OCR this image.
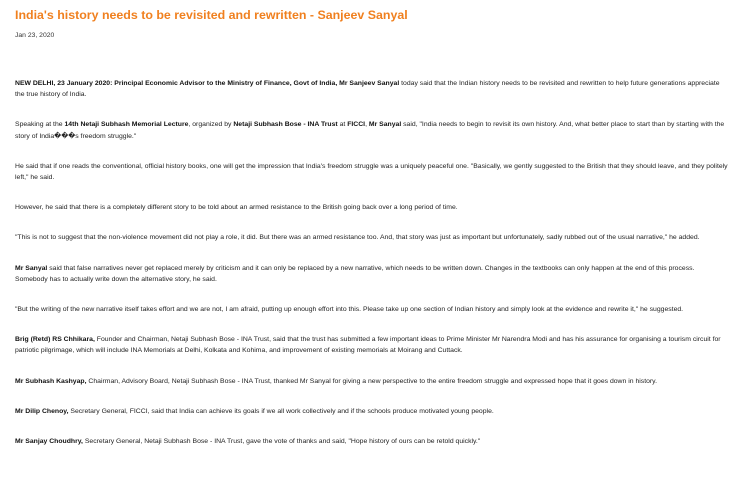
India's history needs to be revisited and rewritten - Sanjeev Sanyal

Jan 23, 2020

NEW DELHI, 23 January 2020: Principal Economic Advisor to the Ministry of Finance, Govt of India, Mr Sanjeev Sanyal today said that the Indian history needs to be revisited and rewritten to help future generations appreciate the true history of India.

Speaking at the 14th Netaji Subhash Memorial Lecture, organized by Netaji Subhash Bose - INA Trust at FICCI, Mr Sanyal said, "India needs to begin to revisit its own history. And, what better place to start than by starting with the story of India���s freedom struggle."

He said that if one reads the conventional, official history books, one will get the impression that India's freedom struggle was a uniquely peaceful one. "Basically, we gently suggested to the British that they should leave, and they politely left," he said.

However, he said that there is a completely different story to be told about an armed resistance to the British going back over a long period of time.

"This is not to suggest that the non-violence movement did not play a role, it did. But there was an armed resistance too. And, that story was just as important but unfortunately, sadly rubbed out of the usual narrative," he added.

Mr Sanyal said that false narratives never get replaced merely by criticism and it can only be replaced by a new narrative, which needs to be written down. Changes in the textbooks can only happen at the end of this process. Somebody has to actually write down the alternative story, he said.

"But the writing of the new narrative itself takes effort and we are not, I am afraid, putting up enough effort into this. Please take up one section of Indian history and simply look at the evidence and rewrite it," he suggested.

Brig (Retd) RS Chhikara, Founder and Chairman, Netaji Subhash Bose - INA Trust, said that the trust has submitted a few important ideas to Prime Minister Mr Narendra Modi and has his assurance for organising a tourism circuit for patriotic pilgrimage, which will include INA Memorials at Delhi, Kolkata and Kohima, and improvement of existing memorials at Moirang and Cuttack.

Mr Subhash Kashyap, Chairman, Advisory Board, Netaji Subhash Bose - INA Trust, thanked Mr Sanyal for giving a new perspective to the entire freedom struggle and expressed hope that it goes down in history.

Mr Dilip Chenoy, Secretary General, FICCI, said that India can achieve its goals if we all work collectively and if the schools produce motivated young people.

Mr Sanjay Choudhry, Secretary General, Netaji Subhash Bose - INA Trust, gave the vote of thanks and said, "Hope history of ours can be retold quickly."
